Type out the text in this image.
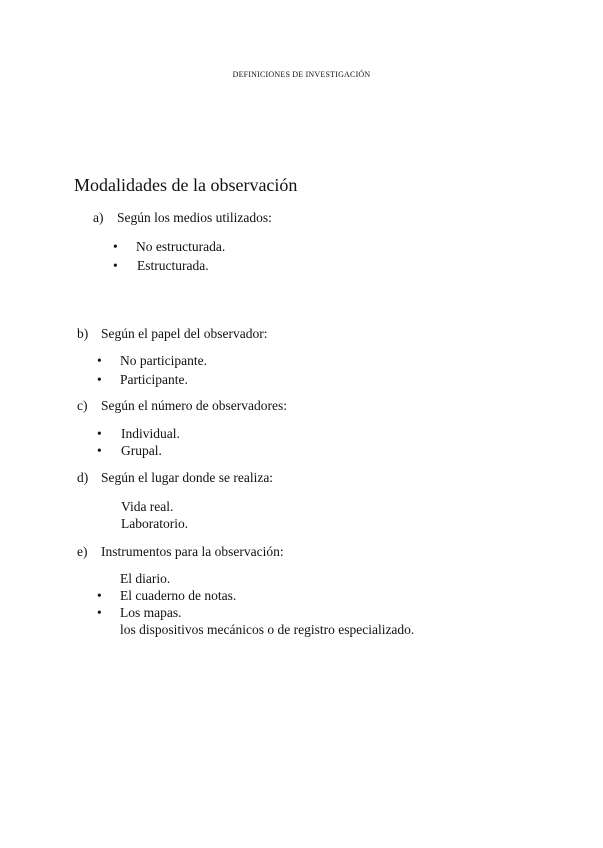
DEFINICIONES DE INVESTIGACIÓN
Modalidades de la observación
a) Según los medios utilizados:
• No estructurada.
• Estructurada.
b) Según el papel del observador:
• No participante.
• Participante.
c) Según el número de observadores:
• Individual.
• Grupal.
d) Según el lugar donde se realiza:
Vida real.
Laboratorio.
e) Instrumentos para la observación:
El diario.
• El cuaderno de notas.
• Los mapas.
los dispositivos mecánicos o de registro especializado.
